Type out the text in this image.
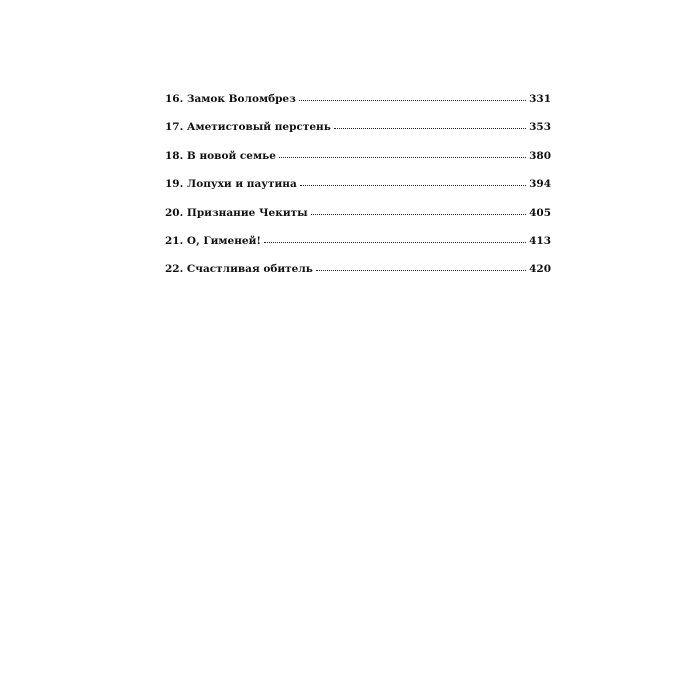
16. Замок Воломбрез	331
17. Аметистовый перстень	353
18. В новой семье	380
19. Лопухи и паутина	394
20. Признание Чекиты	405
21. О, Гименей!	413
22. Счастливая обитель	420
